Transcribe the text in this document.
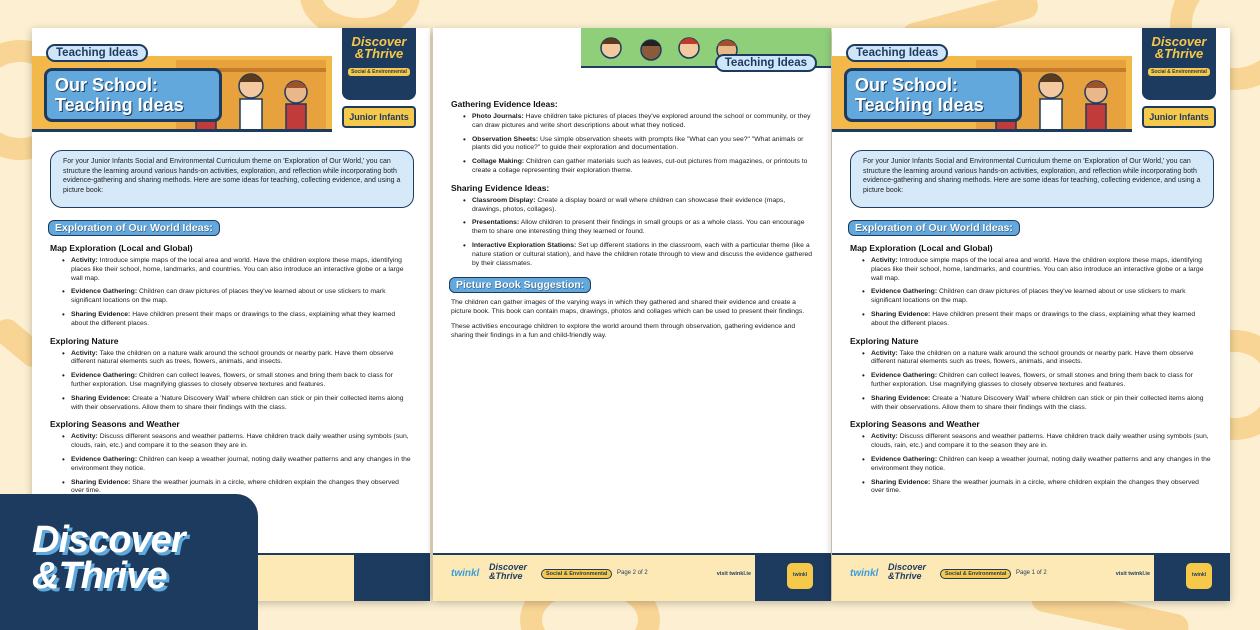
Teaching Ideas
Our School:
Teaching Ideas
Discover
&Thrive
Social & Environmental
Junior Infants
For your Junior Infants Social and Environmental Curriculum theme on 'Exploration of Our World,' you can structure the learning around various hands-on activities, exploration, and reflection while incorporating both evidence-gathering and sharing methods. Here are some ideas for teaching, collecting evidence, and using a picture book:
Exploration of Our World Ideas:
Map Exploration (Local and Global)
• Activity: Introduce simple maps of the local area and world. Have the children explore these maps, identifying places like their school, home, landmarks, and countries. You can also introduce an interactive globe or a large wall map.
• Evidence Gathering: Children can draw pictures of places they've learned about or use stickers to mark significant locations on the map.
• Sharing Evidence: Have children present their maps or drawings to the class, explaining what they learned about the different places.
Exploring Nature
• Activity: Take the children on a nature walk around the school grounds or nearby park. Have them observe different natural elements such as trees, flowers, animals, and insects.
• Evidence Gathering: Children can collect leaves, flowers, or small stones and bring them back to class for further exploration. Use magnifying glasses to closely observe textures and features.
• Sharing Evidence: Create a 'Nature Discovery Wall' where children can stick or pin their collected items along with their observations. Allow them to share their findings with the class.
Exploring Seasons and Weather
• Activity: Discuss different seasons and weather patterns. Have children track daily weather using symbols (sun, clouds, rain, etc.) and compare it to the season they are in.
• Evidence Gathering: Children can keep a weather journal, noting daily weather patterns and any changes in the environment they notice.
• Sharing Evidence: Share the weather journals in a circle, where children explain the changes they observed over time.
Teaching Ideas
Gathering Evidence Ideas:
• Photo Journals: Have children take pictures of places they've explored around the school or community, or they can draw pictures and write short descriptions about what they noticed.
• Observation Sheets: Use simple observation sheets with prompts like "What can you see?" "What animals or plants did you notice?" to guide their exploration and documentation.
• Collage Making: Children can gather materials such as leaves, cut-out pictures from magazines, or printouts to create a collage representing their exploration theme.
Sharing Evidence Ideas:
• Classroom Display: Create a display board or wall where children can showcase their evidence (maps, drawings, photos, collages).
• Presentations: Allow children to present their findings in small groups or as a whole class. You can encourage them to share one interesting thing they learned or found.
• Interactive Exploration Stations: Set up different stations in the classroom, each with a particular theme (like a nature station or cultural station), and have the children rotate through to view and discuss the evidence gathered by their classmates.
Picture Book Suggestion:

The children can gather images of the varying ways in which they gathered and shared their evidence and create a picture book. This book can contain maps, drawings, photos and collages which can be used to present their findings.

These activities encourage children to explore the world around them through observation, gathering evidence and sharing their findings in a fun and child-friendly way.

twinkl
Discover
&Thrive	Social & Environmental	Page 2 of 2	visit twinkl.ie	twinkl
Teaching Ideas
Our School:
Teaching Ideas
Discover
&Thrive
Social & Environmental
Junior Infants
For your Junior Infants Social and Environmental Curriculum theme on 'Exploration of Our World,' you can structure the learning around various hands-on activities, exploration, and reflection while incorporating both evidence-gathering and sharing methods. Here are some ideas for teaching, collecting evidence, and using a picture book:
Exploration of Our World Ideas:
Map Exploration (Local and Global)
• Activity: Introduce simple maps of the local area and world. Have the children explore these maps, identifying places like their school, home, landmarks, and countries. You can also introduce an interactive globe or a large wall map.
• Evidence Gathering: Children can draw pictures of places they've learned about or use stickers to mark significant locations on the map.
• Sharing Evidence: Have children present their maps or drawings to the class, explaining what they learned about the different places.
Exploring Nature
• Activity: Take the children on a nature walk around the school grounds or nearby park. Have them observe different natural elements such as trees, flowers, animals, and insects.
• Evidence Gathering: Children can collect leaves, flowers, or small stones and bring them back to class for further exploration. Use magnifying glasses to closely observe textures and features.
• Sharing Evidence: Create a 'Nature Discovery Wall' where children can stick or pin their collected items along with their observations. Allow them to share their findings with the class.
Exploring Seasons and Weather
• Activity: Discuss different seasons and weather patterns. Have children track daily weather using symbols (sun, clouds, rain, etc.) and compare it to the season they are in.
• Evidence Gathering: Children can keep a weather journal, noting daily weather patterns and any changes in the environment they notice.
• Sharing Evidence: Share the weather journals in a circle, where children explain the changes they observed over time.
twinkl
Discover
&Thrive	Social & Environmental	Page 1 of 2	visit twinkl.ie	twinkl
Discover
&Thrive
